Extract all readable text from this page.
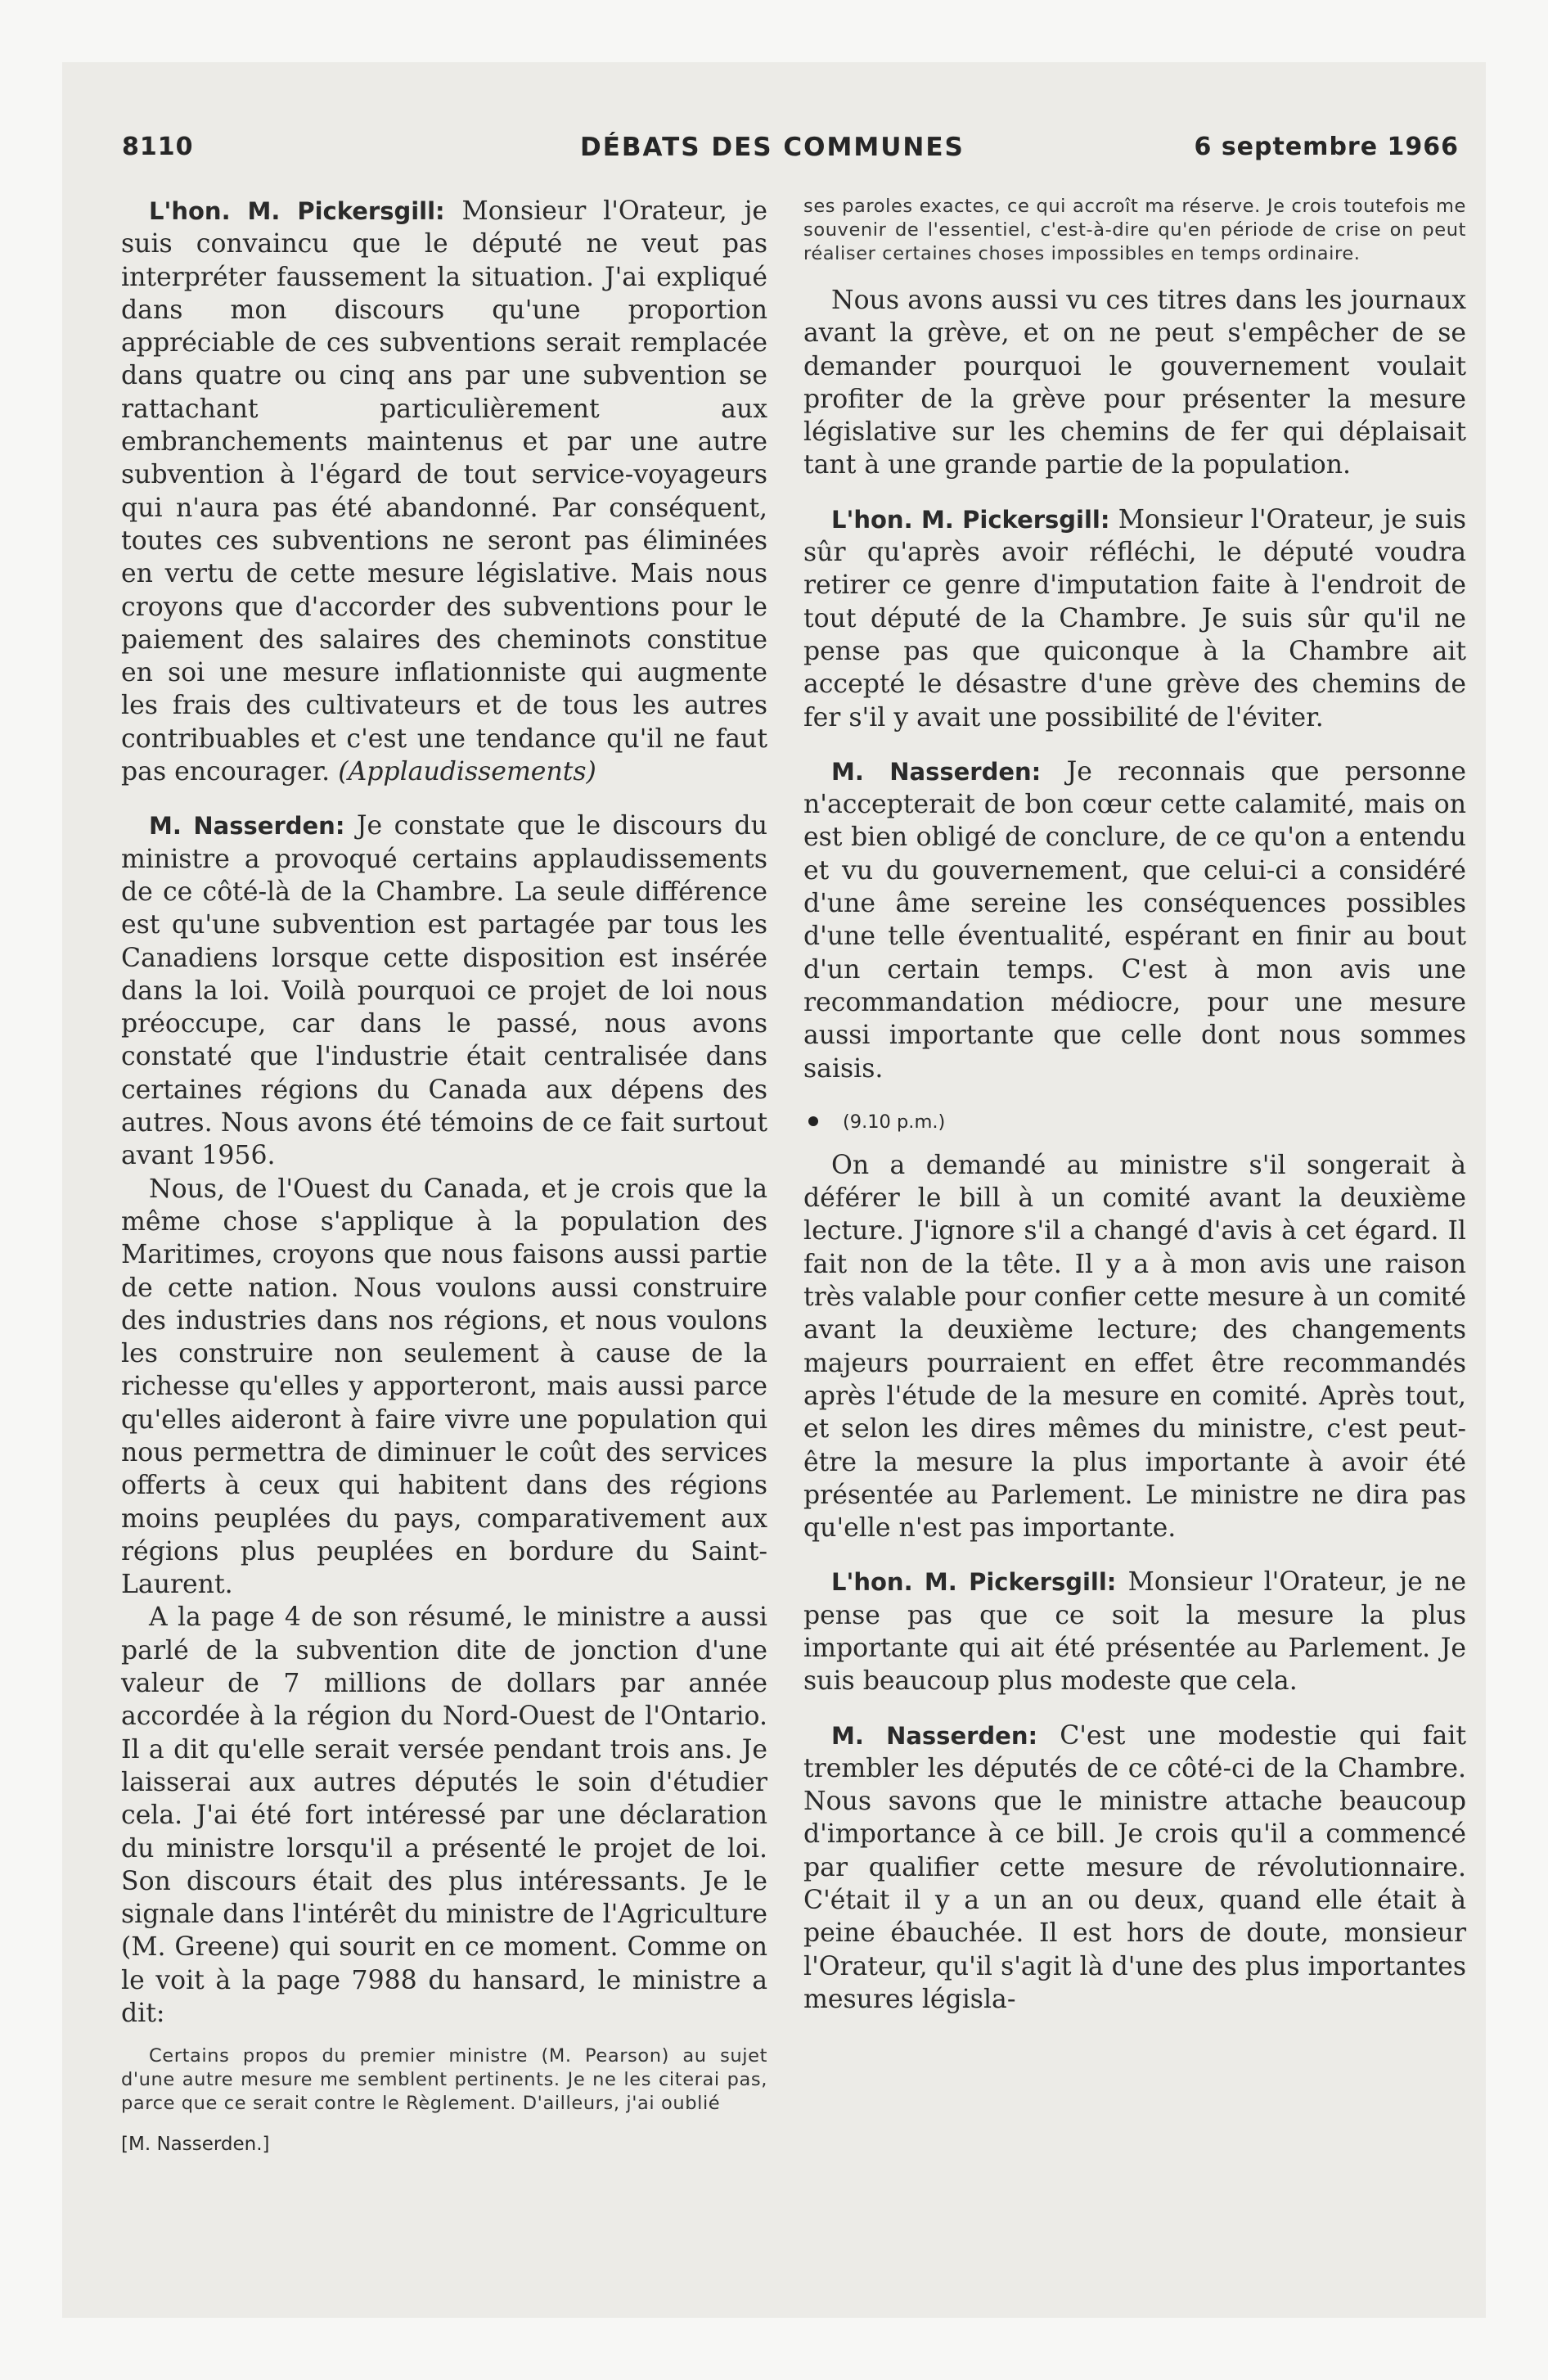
8110	DÉBATS DES COMMUNES	6 septembre 1966

L'hon. M. Pickersgill: Monsieur l'Orateur, je suis convaincu que le député ne veut pas interpréter faussement la situation. J'ai expliqué dans mon discours qu'une proportion appréciable de ces subventions serait remplacée dans quatre ou cinq ans par une subvention se rattachant particulièrement aux embranchements maintenus et par une autre subvention à l'égard de tout service-voyageurs qui n'aura pas été abandonné. Par conséquent, toutes ces subventions ne seront pas éliminées en vertu de cette mesure législative. Mais nous croyons que d'accorder des subventions pour le paiement des salaires des cheminots constitue en soi une mesure inflationniste qui augmente les frais des cultivateurs et de tous les autres contribuables et c'est une tendance qu'il ne faut pas encourager. (Applaudissements)

M. Nasserden: Je constate que le discours du ministre a provoqué certains applaudissements de ce côté-là de la Chambre. La seule différence est qu'une subvention est partagée par tous les Canadiens lorsque cette disposition est insérée dans la loi. Voilà pourquoi ce projet de loi nous préoccupe, car dans le passé, nous avons constaté que l'industrie était centralisée dans certaines régions du Canada aux dépens des autres. Nous avons été témoins de ce fait surtout avant 1956.

Nous, de l'Ouest du Canada, et je crois que la même chose s'applique à la population des Maritimes, croyons que nous faisons aussi partie de cette nation. Nous voulons aussi construire des industries dans nos régions, et nous voulons les construire non seulement à cause de la richesse qu'elles y apporteront, mais aussi parce qu'elles aideront à faire vivre une population qui nous permettra de diminuer le coût des services offerts à ceux qui habitent dans des régions moins peuplées du pays, comparativement aux régions plus peuplées en bordure du Saint-Laurent.

A la page 4 de son résumé, le ministre a aussi parlé de la subvention dite de jonction d'une valeur de 7 millions de dollars par année accordée à la région du Nord-Ouest de l'Ontario. Il a dit qu'elle serait versée pendant trois ans. Je laisserai aux autres députés le soin d'étudier cela. J'ai été fort intéressé par une déclaration du ministre lorsqu'il a présenté le projet de loi. Son discours était des plus intéressants. Je le signale dans l'intérêt du ministre de l'Agriculture (M. Greene) qui sourit en ce moment. Comme on le voit à la page 7988 du hansard, le ministre a dit:

Certains propos du premier ministre (M. Pearson) au sujet d'une autre mesure me semblent pertinents. Je ne les citerai pas, parce que ce serait contre le Règlement. D'ailleurs, j'ai oublié

[M. Nasserden.]

ses paroles exactes, ce qui accroît ma réserve. Je crois toutefois me souvenir de l'essentiel, c'est-à-dire qu'en période de crise on peut réaliser certaines choses impossibles en temps ordinaire.

Nous avons aussi vu ces titres dans les journaux avant la grève, et on ne peut s'empêcher de se demander pourquoi le gouvernement voulait profiter de la grève pour présenter la mesure législative sur les chemins de fer qui déplaisait tant à une grande partie de la population.

L'hon. M. Pickersgill: Monsieur l'Orateur, je suis sûr qu'après avoir réfléchi, le député voudra retirer ce genre d'imputation faite à l'endroit de tout député de la Chambre. Je suis sûr qu'il ne pense pas que quiconque à la Chambre ait accepté le désastre d'une grève des chemins de fer s'il y avait une possibilité de l'éviter.

M. Nasserden: Je reconnais que personne n'accepterait de bon cœur cette calamité, mais on est bien obligé de conclure, de ce qu'on a entendu et vu du gouvernement, que celui-ci a considéré d'une âme sereine les conséquences possibles d'une telle éventualité, espérant en finir au bout d'un certain temps. C'est à mon avis une recommandation médiocre, pour une mesure aussi importante que celle dont nous sommes saisis.

(9.10 p.m.)

On a demandé au ministre s'il songerait à déférer le bill à un comité avant la deuxième lecture. J'ignore s'il a changé d'avis à cet égard. Il fait non de la tête. Il y a à mon avis une raison très valable pour confier cette mesure à un comité avant la deuxième lecture; des changements majeurs pourraient en effet être recommandés après l'étude de la mesure en comité. Après tout, et selon les dires mêmes du ministre, c'est peut-être la mesure la plus importante à avoir été présentée au Parlement. Le ministre ne dira pas qu'elle n'est pas importante.

L'hon. M. Pickersgill: Monsieur l'Orateur, je ne pense pas que ce soit la mesure la plus importante qui ait été présentée au Parlement. Je suis beaucoup plus modeste que cela.

M. Nasserden: C'est une modestie qui fait trembler les députés de ce côté-ci de la Chambre. Nous savons que le ministre attache beaucoup d'importance à ce bill. Je crois qu'il a commencé par qualifier cette mesure de révolutionnaire. C'était il y a un an ou deux, quand elle était à peine ébauchée. Il est hors de doute, monsieur l'Orateur, qu'il s'agit là d'une des plus importantes mesures législa-
